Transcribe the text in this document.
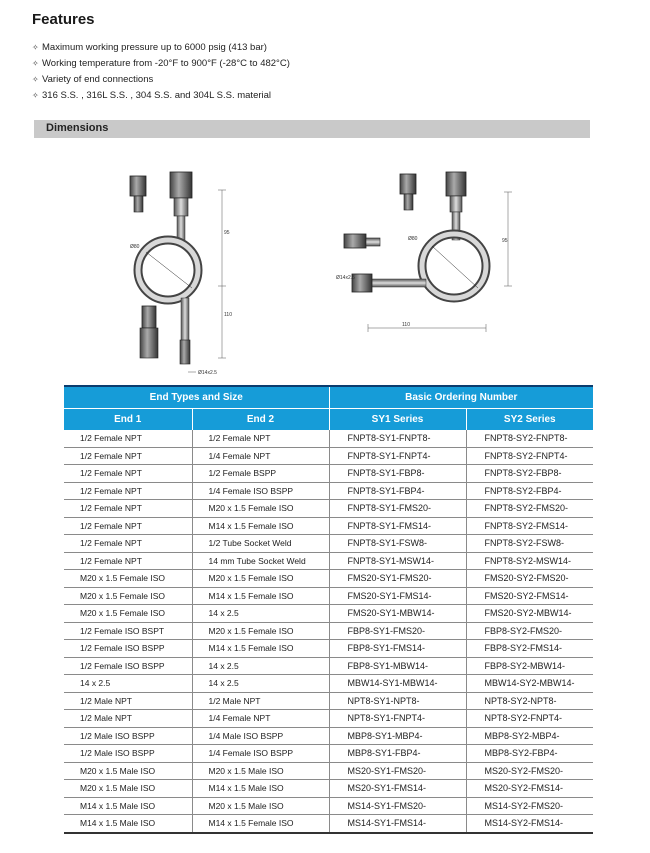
Features
✧ Maximum working pressure up to 6000 psig (413 bar)
✧ Working temperature from -20°F to 900°F (-28°C to 482°C)
✧ Variety of end connections
✧ 316 S.S. , 316L S.S. , 304 S.S. and 304L S.S. material
Dimensions
Ø80
95
110
Ø14x2.5
Ø80
Ø14x2.5
95
110
End Types and Size		Basic Ordering Number	
End 1	End 2	SY1 Series	SY2 Series
1/2 Female NPT	1/2 Female NPT	FNPT8-SY1-FNPT8-	FNPT8-SY2-FNPT8-
1/2 Female NPT	1/4 Female NPT	FNPT8-SY1-FNPT4-	FNPT8-SY2-FNPT4-
1/2 Female NPT	1/2 Female BSPP	FNPT8-SY1-FBP8-	FNPT8-SY2-FBP8-
1/2 Female NPT	1/4 Female ISO BSPP	FNPT8-SY1-FBP4-	FNPT8-SY2-FBP4-
1/2 Female NPT	M20 x 1.5 Female ISO	FNPT8-SY1-FMS20-	FNPT8-SY2-FMS20-
1/2 Female NPT	M14 x 1.5 Female ISO	FNPT8-SY1-FMS14-	FNPT8-SY2-FMS14-
1/2 Female NPT	1/2 Tube Socket Weld	FNPT8-SY1-FSW8-	FNPT8-SY2-FSW8-
1/2 Female NPT	14 mm Tube Socket Weld	FNPT8-SY1-MSW14-	FNPT8-SY2-MSW14-
M20 x 1.5 Female ISO	M20 x 1.5 Female ISO	FMS20-SY1-FMS20-	FMS20-SY2-FMS20-
M20 x 1.5 Female ISO	M14 x 1.5 Female ISO	FMS20-SY1-FMS14-	FMS20-SY2-FMS14-
M20 x 1.5 Female ISO	14 x 2.5	FMS20-SY1-MBW14-	FMS20-SY2-MBW14-
1/2 Female ISO BSPT	M20 x 1.5 Female ISO	FBP8-SY1-FMS20-	FBP8-SY2-FMS20-
1/2 Female ISO BSPP	M14 x 1.5 Female ISO	FBP8-SY1-FMS14-	FBP8-SY2-FMS14-
1/2 Female ISO BSPP	14 x 2.5	FBP8-SY1-MBW14-	FBP8-SY2-MBW14-
14 x 2.5	14 x 2.5	MBW14-SY1-MBW14-	MBW14-SY2-MBW14-
1/2 Male NPT	1/2 Male NPT	NPT8-SY1-NPT8-	NPT8-SY2-NPT8-
1/2 Male NPT	1/4 Female NPT	NPT8-SY1-FNPT4-	NPT8-SY2-FNPT4-
1/2 Male ISO BSPP	1/4 Male ISO BSPP	MBP8-SY1-MBP4-	MBP8-SY2-MBP4-
1/2 Male ISO BSPP	1/4 Female ISO BSPP	MBP8-SY1-FBP4-	MBP8-SY2-FBP4-
M20 x 1.5 Male ISO	M20 x 1.5 Male ISO	MS20-SY1-FMS20-	MS20-SY2-FMS20-
M20 x 1.5 Male ISO	M14 x 1.5 Male ISO	MS20-SY1-FMS14-	MS20-SY2-FMS14-
M14 x 1.5 Male ISO	M20 x 1.5 Male ISO	MS14-SY1-FMS20-	MS14-SY2-FMS20-
M14 x 1.5 Male ISO	M14 x 1.5 Female ISO	MS14-SY1-FMS14-	MS14-SY2-FMS14-
